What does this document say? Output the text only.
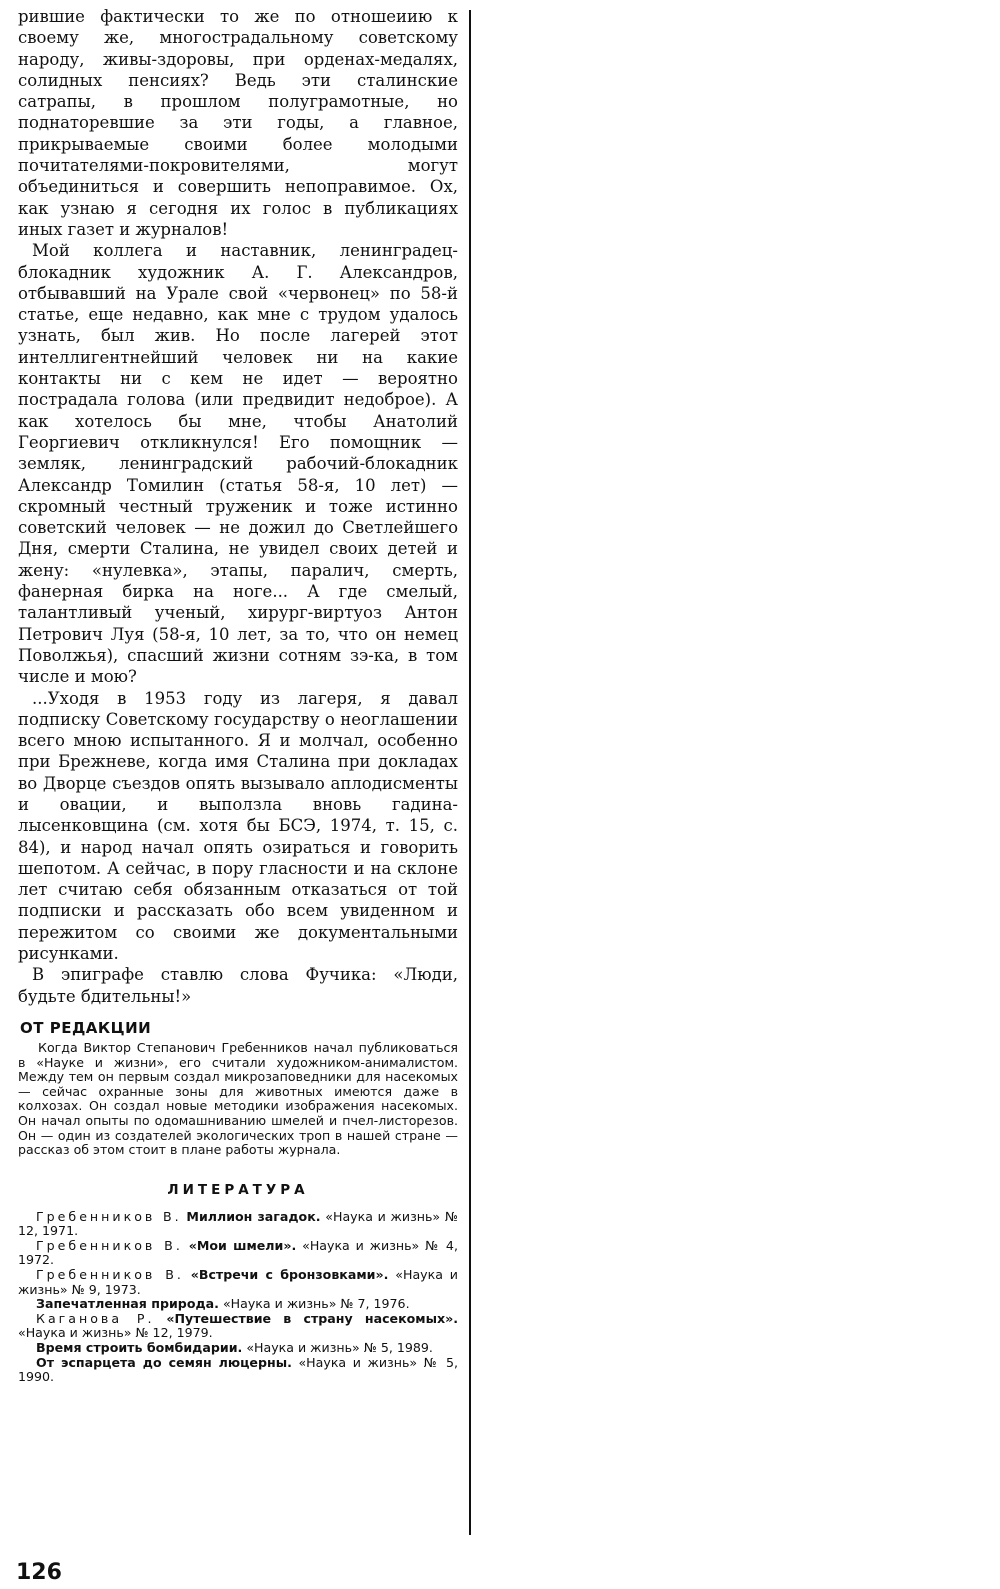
рившие фактически то же по отношеиию к своему же, многострадальному советскому народу, живы-здоровы, при орденах-медалях, солидных пенсиях? Ведь эти сталинские сатрапы, в прошлом полуграмотные, но поднаторевшие за эти годы, а главное, прикрываемые своими более молодыми почитателями-покровителями, могут объединиться и совершить непоправимое. Ох, как узнаю я сегодня их голос в публикациях иных газет и журналов!

Мой коллега и наставник, ленинградец-блокадник художник А. Г. Александров, отбывавший на Урале свой «червонец» по 58-й статье, еще недавно, как мне с трудом удалось узнать, был жив. Но после лагерей этот интеллигентнейший человек ни на какие контакты ни с кем не идет — вероятно пострадала голова (или предвидит недоброе). А как хотелось бы мне, чтобы Анатолий Георгиевич откликнулся! Его помощник — земляк, ленинградский рабочий-блокадник Александр Томилин (статья 58-я, 10 лет) — скромный честный труженик и тоже истинно советский человек — не дожил до Светлейшего Дня, смерти Сталина, не увидел своих детей и жену: «нулевка», этапы, паралич, смерть, фанерная бирка на ноге... А где смелый, талантливый ученый, хирург-виртуоз Антон Петрович Луя (58-я, 10 лет, за то, что он немец Поволжья), спасший жизни сотням зэ-ка, в том числе и мою?

...Уходя в 1953 году из лагеря, я давал подписку Советскому государству о неоглашении всего мною испытанного. Я и молчал, особенно при Брежневе, когда имя Сталина при докладах во Дворце съездов опять вызывало аплодисменты и овации, и выползла вновь гадина-лысенковщина (см. хотя бы БСЭ, 1974, т. 15, с. 84), и народ начал опять озираться и говорить шепотом. А сейчас, в пору гласности и на склоне лет считаю себя обязанным отказаться от той подписки и рассказать обо всем увиденном и пережитом со своими же документальными рисунками.

В эпиграфе ставлю слова Фучика: «Люди, будьте бдительны!»

ОТ РЕДАКЦИИ

Когда Виктор Степанович Гребенников начал публиковаться в «Науке и жизни», его считали художником-анималистом. Между тем он первым создал микрозаповедники для насекомых — сейчас охранные зоны для животных имеются даже в колхозах. Он создал новые методики изображения насекомых. Он начал опыты по одомашниванию шмелей и пчел-листорезов. Он — один из создателей экологических троп в нашей стране — рассказ об этом стоит в плане работы журнала.

ЛИТЕРАТУРА

Гребенников В. Миллион загадок. «Наука и жизнь» № 12, 1971.

Гребенников В. «Мои шмели». «Наука и жизнь» № 4, 1972.

Гребенников В. «Встречи с бронзовками». «Наука и жизнь» № 9, 1973.

Запечатленная природа. «Наука и жизнь» № 7, 1976.

Каганова Р. «Путешествие в страну насекомых». «Наука и жизнь» № 12, 1979.

Время строить бомбидарии. «Наука и жизнь» № 5, 1989.

От эспарцета до семян люцерны. «Наука и жизнь» № 5, 1990.

126
